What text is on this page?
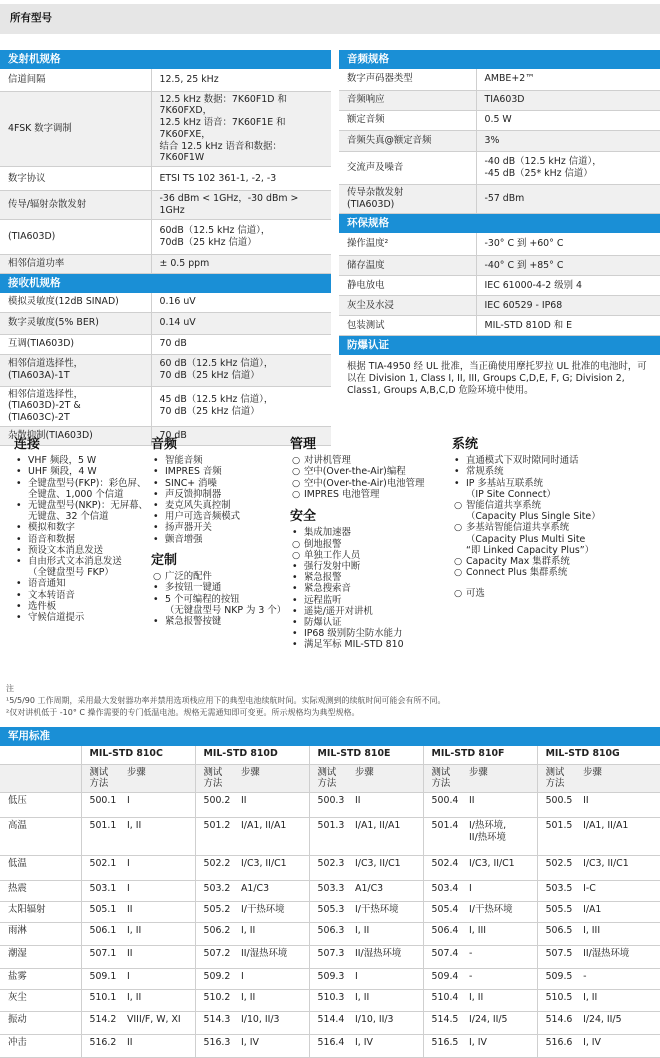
所有型号
发射机规格
信道间隔	12.5, 25 kHz
4FSK 数字调制	12.5 kHz 数据：7K60F1D 和 7K60FXD，
12.5 kHz 语音：7K60F1E 和 7K60FXE，
结合 12.5 kHz 语音和数据：7K60F1W
数字协议	ETSI TS 102 361-1, -2, -3
传导/辐射杂散发射	-36 dBm < 1GHz，-30 dBm > 1GHz
(TIA603D)	60dB（12.5 kHz 信道），
70dB（25 kHz 信道）
相邻信道功率	± 0.5 ppm
接收机规格
模拟灵敏度(12dB SINAD)	0.16 uV
数字灵敏度(5% BER)	0.14 uV
互调(TIA603D)	70 dB
相邻信道选择性，(TIA603A)-1T	60 dB（12.5 kHz 信道），
70 dB（25 kHz 信道）
相邻信道选择性，(TIA603D)-2T &
(TIA603C)-2T	45 dB（12.5 kHz 信道），
70 dB（25 kHz 信道）
杂散抑制(TIA603D)	70 dB
音频规格
数字声码器类型	AMBE+2™
音频响应	TIA603D
额定音频	0.5 W
音频失真@额定音频	3%
交流声及噪音	-40 dB（12.5 kHz 信道），
-45 dB（25* kHz 信道）
传导杂散发射
(TIA603D)	-57 dBm
环保规格
操作温度²	-30° C 到 +60° C
储存温度	-40° C 到 +85° C
静电放电	IEC 61000-4-2 级别 4
灰尘及水浸	IEC 60529 - IP68
包装测试	MIL-STD 810D 和 E
防爆认证
根据 TIA-4950 经 UL 批准，当正确使用摩托罗拉 UL 批准的电池时，可以在 Division 1, Class I, II, III, Groups C,D,E, F, G; Division 2, Class1, Groups A,B,C,D 危险环境中使用。
连接
• VHF 频段，5 W
• UHF 频段，4 W
• 全键盘型号(FKP)：彩色屏、
全键盘、1,000 个信道
• 无键盘型号(NKP)：无屏幕、
无键盘、32 个信道
• 模拟和数字
• 语音和数据
• 预设文本消息发送
• 自由形式文本消息发送
（全键盘型号 FKP）
• 语音通知
• 文本转语音
• 选件板
• 守候信道提示
音频
• 智能音频
• IMPRES 音频
• SINC+ 消噪
• 声反馈抑制器
• 麦克风失真控制
• 用户可选音频模式
• 扬声器开关
• 颤音增强
定制
○ 广泛的配件
• 多按钮一键通
• 5 个可编程的按钮
（无键盘型号 NKP 为 3 个）
• 紧急报警按键
管理
○ 对讲机管理
○ 空中(Over-the-Air)编程
○ 空中(Over-the-Air)电池管理
○ IMPRES 电池管理
安全
• 集成加速器
○ 倒地报警
○ 单独工作人员
• 强行发射中断
• 紧急报警
• 紧急搜索音
• 远程监听
• 遥毙/遥开对讲机
• 防爆认证
• IP68 级别防尘防水能力
• 满足军标 MIL-STD 810
系统
• 直通模式下双时隙同时通话
• 常规系统
• IP 多基站互联系统
（IP Site Connect）
○ 智能信道共享系统
（Capacity Plus Single Site）
○ 多基站智能信道共享系统
（Capacity Plus Multi Site
“即 Linked Capacity Plus”）
○ Capacity Max 集群系统
○ Connect Plus 集群系统
○ 可选
注
¹5/5/90 工作周期，采用最大发射器功率并禁用选项栈应用下的典型电池续航时间。实际观测到的续航时间可能会有所不同。
²仅对讲机低于 -10° C 操作需要的专门低温电池。规格无需通知即可变更。所示规格均为典型规格。
军用标准
	MIL-STD 810C		MIL-STD 810D		MIL-STD 810E		MIL-STD 810F		MIL-STD 810G	
	测试方法	步骤	测试方法	步骤	测试方法	步骤	测试方法	步骤	测试方法	步骤
低压	500.1	I	500.2	II	500.3	II	500.4	II	500.5	II
高温	501.1	I, II	501.2	I/A1, II/A1	501.3	I/A1, II/A1	501.4	I/热环境,
II/热环境	501.5	I/A1, II/A1
低温	502.1	I	502.2	I/C3, II/C1	502.3	I/C3, II/C1	502.4	I/C3, II/C1	502.5	I/C3, II/C1
热震	503.1	I	503.2	A1/C3	503.3	A1/C3	503.4	I	503.5	I-C
太阳辐射	505.1	II	505.2	I/干热环境	505.3	I/干热环境	505.4	I/干热环境	505.5	I/A1
雨淋	506.1	I, II	506.2	I, II	506.3	I, II	506.4	I, III	506.5	I, III
潮湿	507.1	II	507.2	II/湿热环境	507.3	II/湿热环境	507.4	-	507.5	II/湿热环境
盐雾	509.1	I	509.2	I	509.3	I	509.4	-	509.5	-
灰尘	510.1	I, II	510.2	I, II	510.3	I, II	510.4	I, II	510.5	I, II
振动	514.2	VIII/F, W, XI	514.3	I/10, II/3	514.4	I/10, II/3	514.5	I/24, II/5	514.6	I/24, II/5
冲击	516.2	II	516.3	I, IV	516.4	I, IV	516.5	I, IV	516.6	I, IV
